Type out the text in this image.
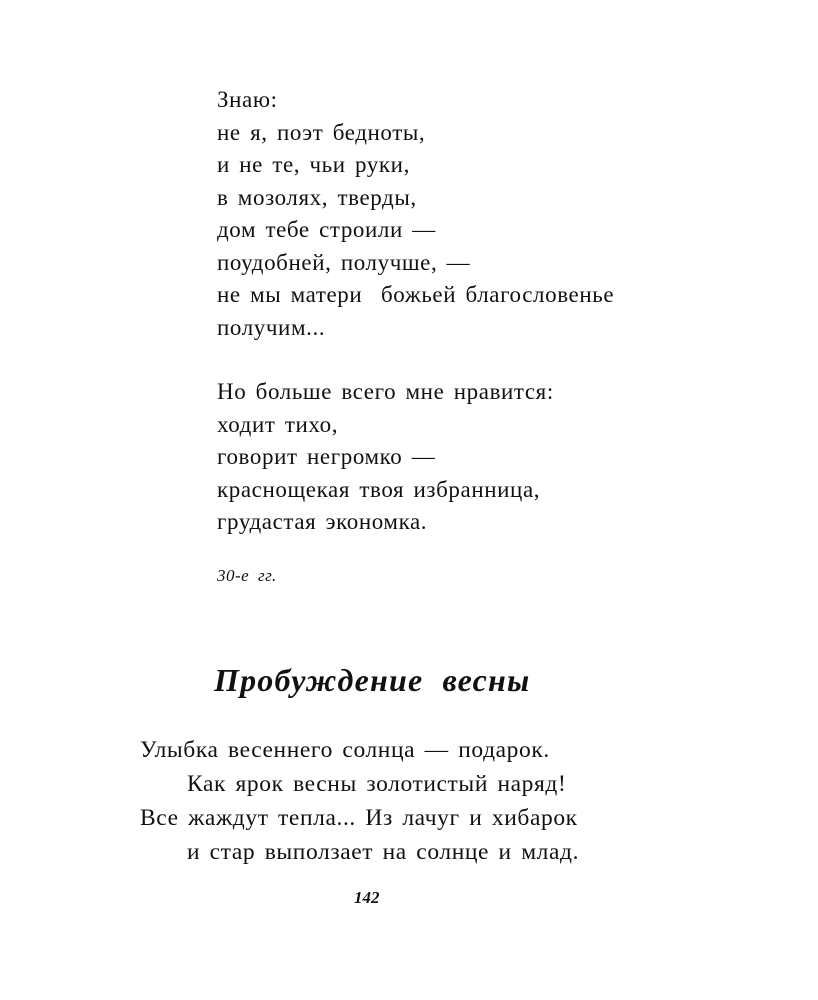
Знаю:
не я, поэт бедноты,
и не те, чьи руки,
в мозолях, тверды,
дом тебе строили —
поудобней, получше, —
не мы матери  божьей благословенье
получим...
Но больше всего мне нравится:
ходит тихо,
говорит негромко —
краснощекая твоя избранница,
грудастая экономка.
30-е гг.
Пробуждение весны
Улыбка весеннего солнца — подарок.
Как ярок весны золотистый наряд!
Все жаждут тепла... Из лачуг и хибарок
и стар выползает на солнце и млад.
142
